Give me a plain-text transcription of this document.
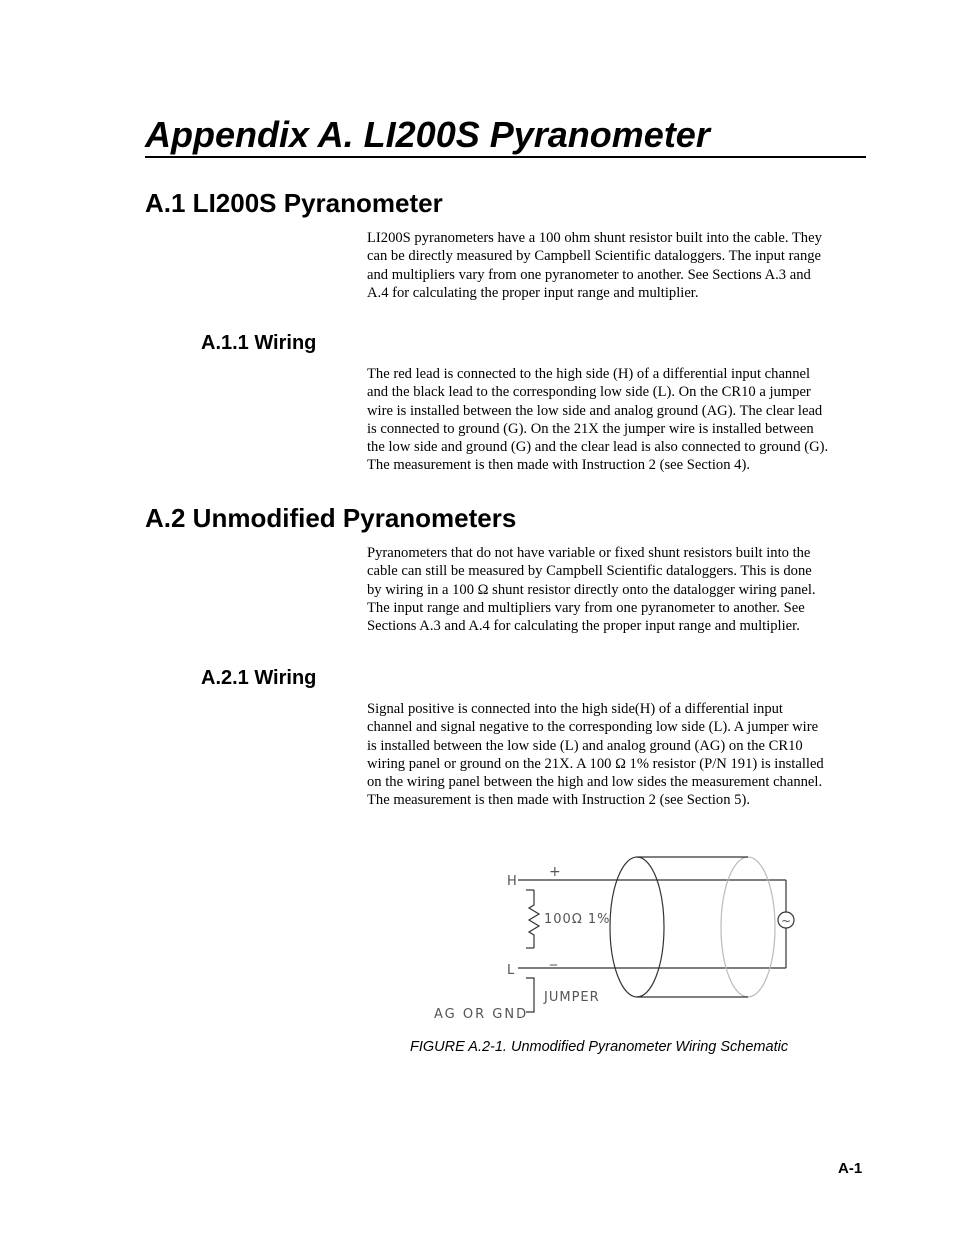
Appendix A. LI200S Pyranometer
A.1 LI200S Pyranometer
LI200S pyranometers have a 100 ohm shunt resistor built into the cable. They
can be directly measured by Campbell Scientific dataloggers. The input range
and multipliers vary from one pyranometer to another. See Sections A.3 and
A.4 for calculating the proper input range and multiplier.
A.1.1 Wiring
The red lead is connected to the high side (H) of a differential input channel
and the black lead to the corresponding low side (L). On the CR10 a jumper
wire is installed between the low side and analog ground (AG). The clear lead
is connected to ground (G). On the 21X the jumper wire is installed between
the low side and ground (G) and the clear lead is also connected to ground (G).
The measurement is then made with Instruction 2 (see Section 4).
A.2 Unmodified Pyranometers
Pyranometers that do not have variable or fixed shunt resistors built into the
cable can still be measured by Campbell Scientific dataloggers. This is done
by wiring in a 100 Ω shunt resistor directly onto the datalogger wiring panel.
The input range and multipliers vary from one pyranometer to another. See
Sections A.3 and A.4 for calculating the proper input range and multiplier.
A.2.1 Wiring
Signal positive is connected into the high side(H) of a differential input
channel and signal negative to the corresponding low side (L). A jumper wire
is installed between the low side (L) and analog ground (AG) on the CR10
wiring panel or ground on the 21X. A 100 Ω 1% resistor (P/N 191) is installed
on the wiring panel between the high and low sides the measurement channel.
The measurement is then made with Instruction 2 (see Section 5).
H
L
+
_
100Ω 1%
JUMPER
AG OR GND
~
FIGURE A.2-1. Unmodified Pyranometer Wiring Schematic
A-1
